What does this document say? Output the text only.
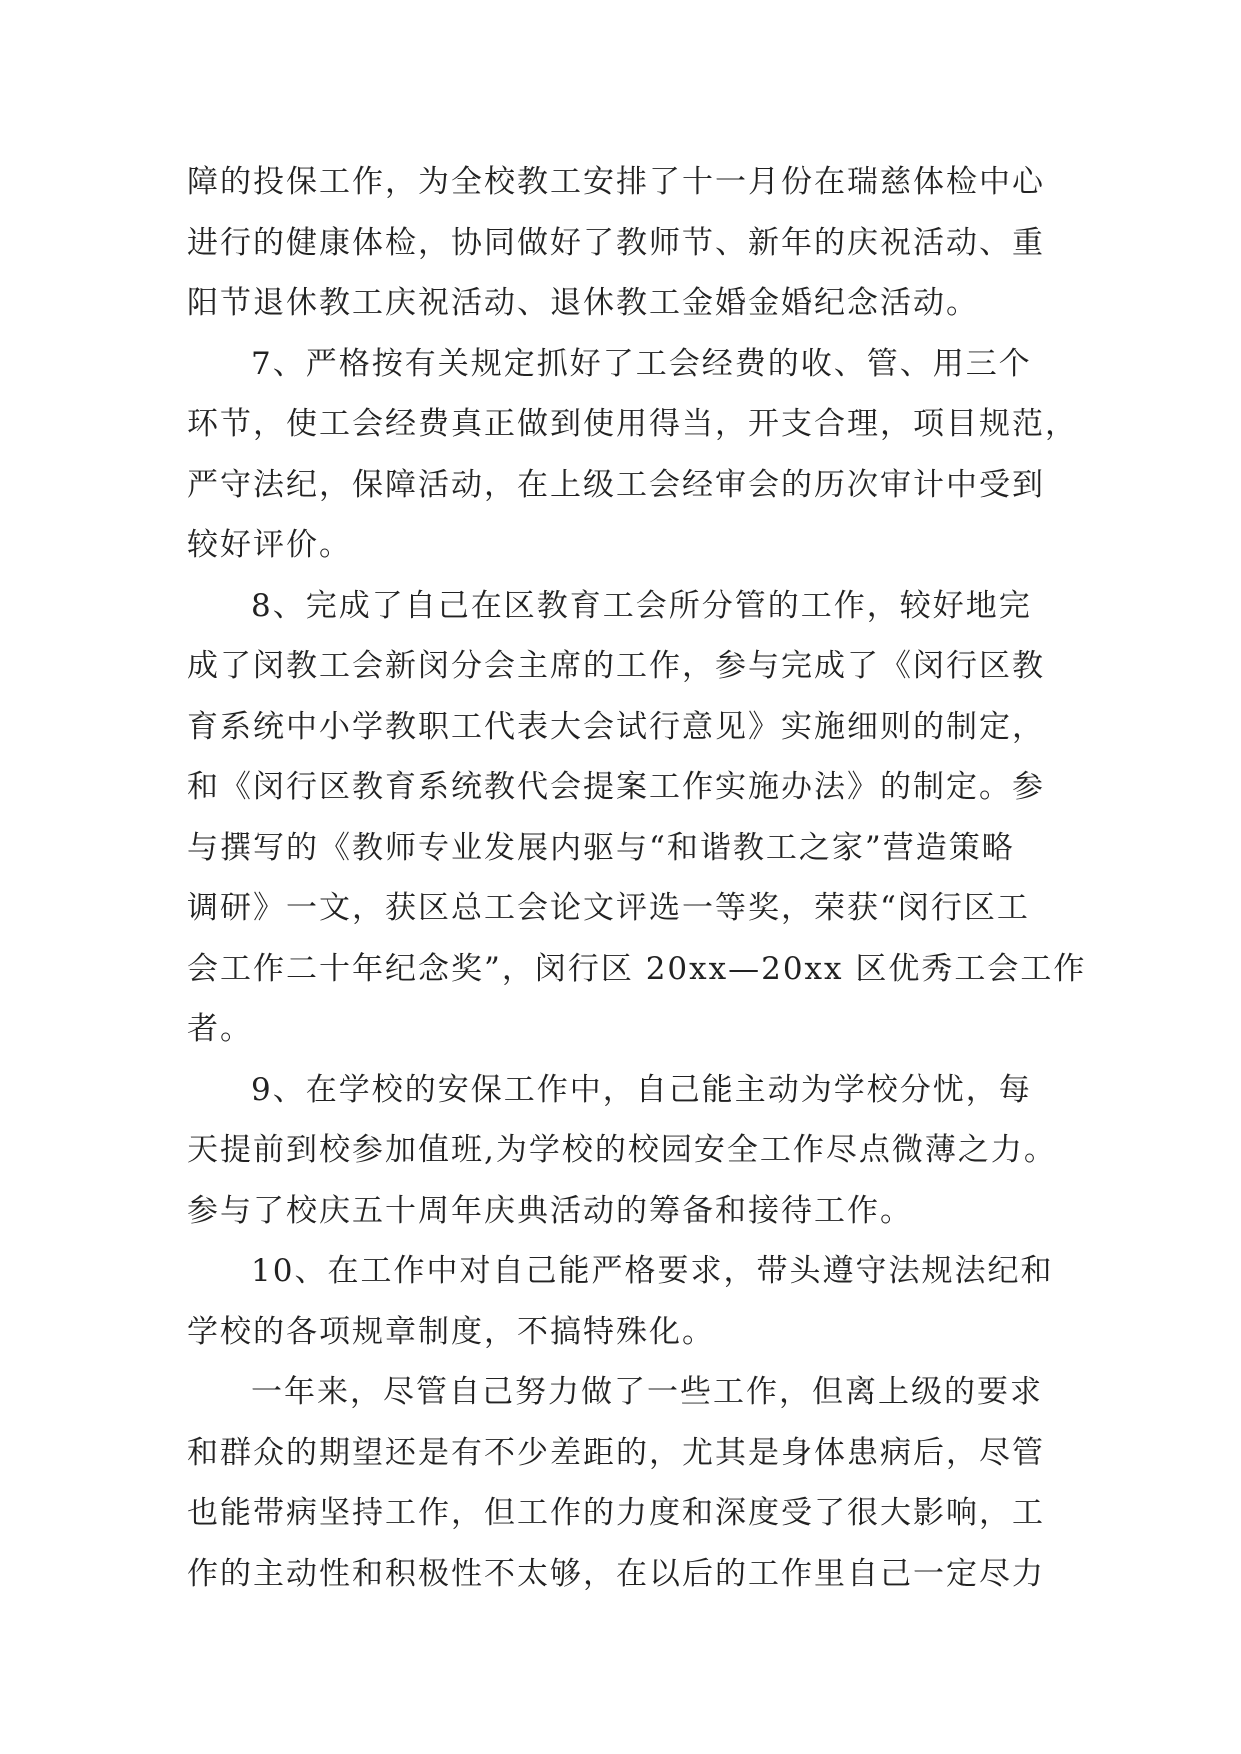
障的投保工作，为全校教工安排了十一月份在瑞慈体检中心
进行的健康体检，协同做好了教师节、新年的庆祝活动、重
阳节退休教工庆祝活动、退休教工金婚金婚纪念活动。
7、严格按有关规定抓好了工会经费的收、管、用三个
环节，使工会经费真正做到使用得当，开支合理，项目规范，
严守法纪，保障活动，在上级工会经审会的历次审计中受到
较好评价。
8、完成了自己在区教育工会所分管的工作，较好地完
成了闵教工会新闵分会主席的工作，参与完成了《闵行区教
育系统中小学教职工代表大会试行意见》实施细则的制定，
和《闵行区教育系统教代会提案工作实施办法》的制定。参
与撰写的《教师专业发展内驱与“和谐教工之家”营造策略
调研》一文，获区总工会论文评选一等奖，荣获“闵行区工
会工作二十年纪念奖”，闵行区 20xx—20xx 区优秀工会工作
者。
9、在学校的安保工作中，自己能主动为学校分忧，每
天提前到校参加值班,为学校的校园安全工作尽点微薄之力。
参与了校庆五十周年庆典活动的筹备和接待工作。
10、在工作中对自己能严格要求，带头遵守法规法纪和
学校的各项规章制度，不搞特殊化。
一年来，尽管自己努力做了一些工作，但离上级的要求
和群众的期望还是有不少差距的，尤其是身体患病后，尽管
也能带病坚持工作，但工作的力度和深度受了很大影响，工
作的主动性和积极性不太够，在以后的工作里自己一定尽力
